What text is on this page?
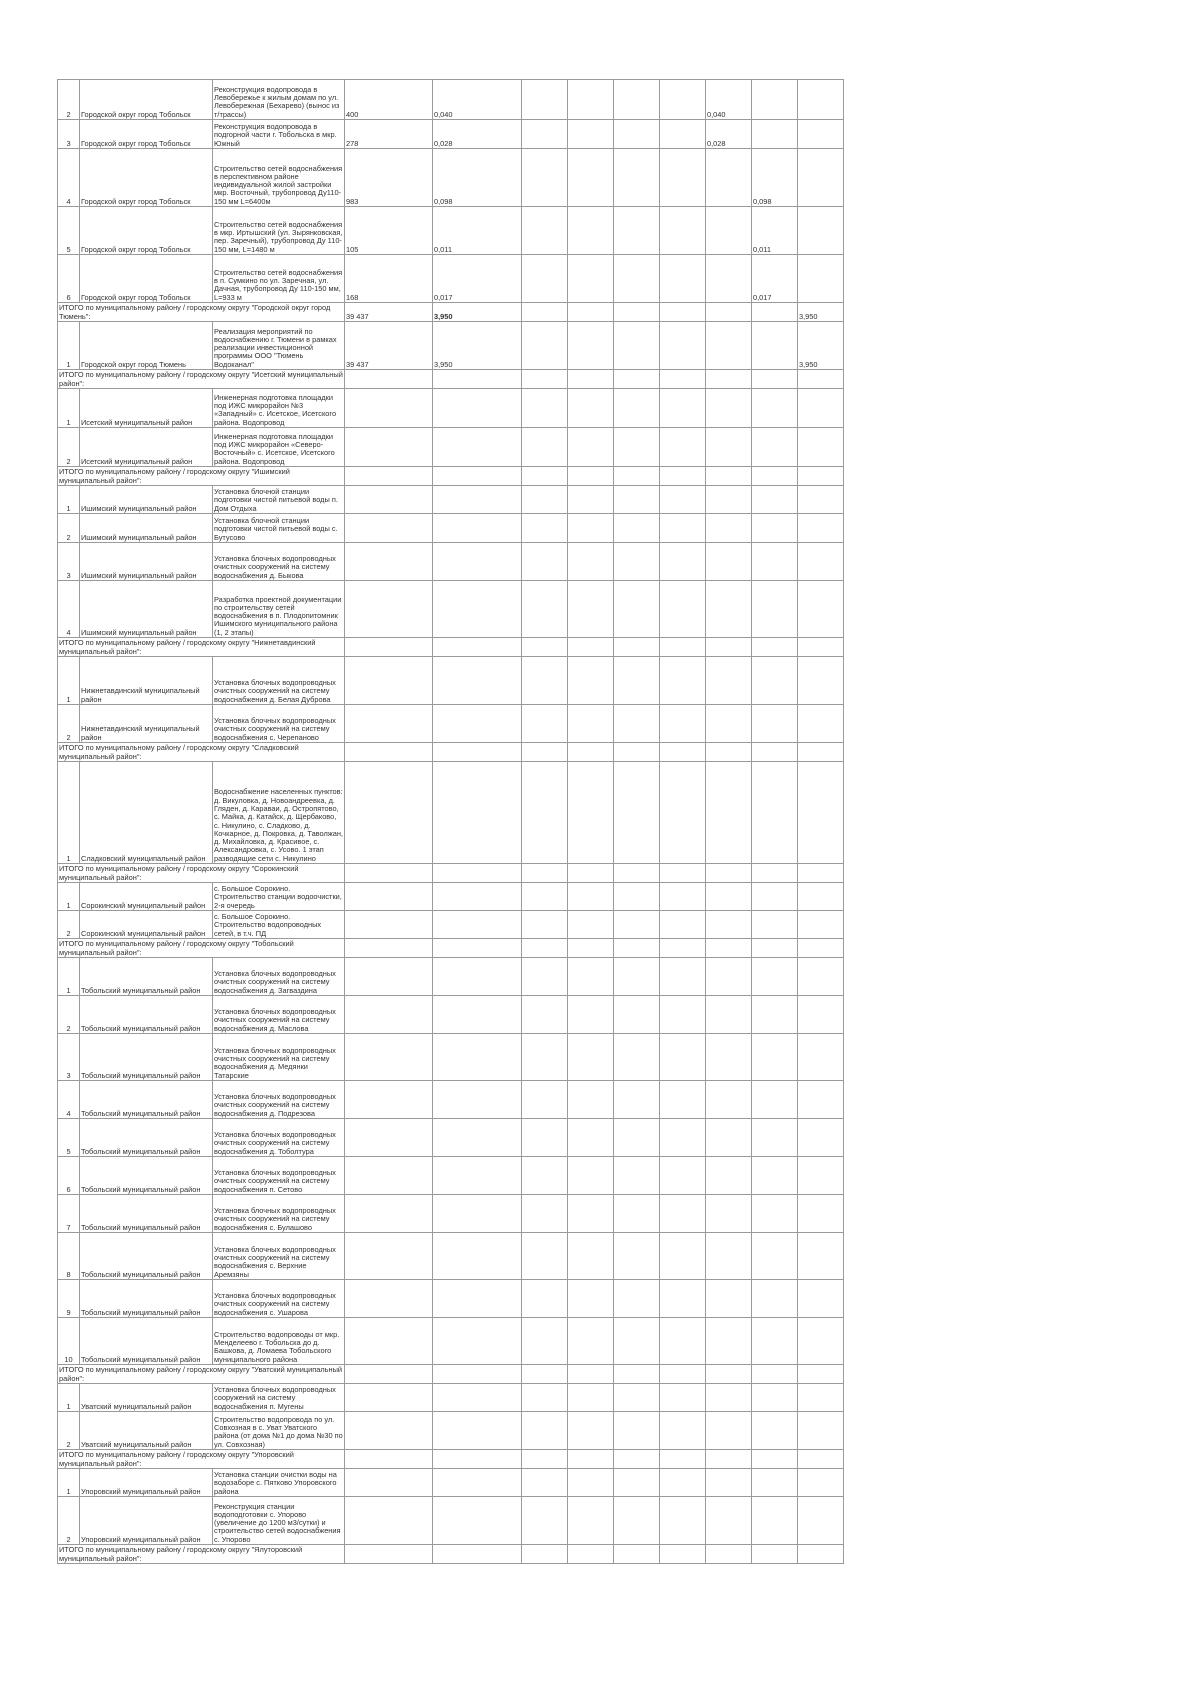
2	Городской округ город Тобольск	Реконструкция водопровода в Левобережье к жилым домам по ул. Левобережная (Бехарево) (вынос из т/трассы)	400	0,040					0,040		
3	Городской округ город Тобольск	Реконструкция водопровода в подгорной части г. Тобольска в мкр. Южный	278	0,028					0,028		
4	Городской округ город Тобольск	Строительство сетей водоснабжения в перспективном районе индивидуальной жилой застройки мкр. Восточный, трубопровод Ду110-150 мм L=6400м	983	0,098						0,098	
5	Городской округ город Тобольск	Строительство сетей водоснабжения в мкр. Иртышский (ул. Зырянковская, пер. Заречный), трубопровод Ду 110-150 мм, L=1480 м	105	0,011						0,011	
6	Городской округ город Тобольск	Строительство сетей водоснабжения в п. Сумкино по ул. Заречная, ул. Дачная, трубопровод Ду 110-150 мм, L=933 м	168	0,017						0,017	
ИТОГО по муниципальному району / городскому округу "Городской округ город Тюмень":			39 437	3,950							3,950
1	Городской округ город Тюмень	Реализация мероприятий по водоснабжению г. Тюмени в рамках реализации инвестиционной программы ООО "Тюмень Водоканал"	39 437	3,950							3,950
ИТОГО по муниципальному району / городскому округу "Исетский муниципальный район":											
1	Исетский муниципальный район	Инженерная подготовка площадки под ИЖС микрорайон №3 «Западный» с. Исетское, Исетского района. Водопровод									
2	Исетский муниципальный район	Инженерная подготовка площадки под ИЖС микрорайон «Северо-Восточный» с. Исетское, Исетского района. Водопровод									
ИТОГО по муниципальному району / городскому округу "Ишимский муниципальный район":											
1	Ишимский муниципальный район	Установка блочной станции подготовки чистой питьевой воды п. Дом Отдыха									
2	Ишимский муниципальный район	Установка блочной станции подготовки чистой питьевой воды с. Бутусово									
3	Ишимский муниципальный район	Установка блочных водопроводных очистных сооружений на систему водоснабжения д. Быкова									
4	Ишимский муниципальный район	Разработка проектной документации по строительству сетей водоснабжения в п. Плодопитомник Ишимского муниципального района (1, 2 этапы)									
ИТОГО по муниципальному району / городскому округу "Нижнетавдинский муниципальный район":											
1	Нижнетавдинский муниципальный район	Установка блочных водопроводных очистных сооружений на систему водоснабжения д. Белая Дуброва									
2	Нижнетавдинский муниципальный район	Установка блочных водопроводных очистных сооружений на систему водоснабжения с. Черепаново									
ИТОГО по муниципальному району / городскому округу "Сладковский муниципальный район":											
1	Сладковский муниципальный район	Водоснабжение населенных пунктов: д. Викуловка, д. Новоандреевка, д. Гляден, д. Караваи, д. Остропятово, с. Майка, д. Катайск, д. Щербаково, с. Никулино, с. Сладково, д. Кочкарное, д. Покровка, д. Таволжан, д. Михайловка, д. Красивое, с. Александровка, с. Усово. 1 этап разводящие сети с. Никулино									
ИТОГО по муниципальному району / городскому округу "Сорокинский муниципальный район":											
1	Сорокинский муниципальный район	с. Большое Сорокино. Строительство станции водоочистки, 2-я очередь									
2	Сорокинский муниципальный район	с. Большое Сорокино. Строительство водопроводных сетей, в т.ч. ПД									
ИТОГО по муниципальному району / городскому округу "Тобольский муниципальный район":											
1	Тобольский муниципальный район	Установка блочных водопроводных очистных сооружений на систему водоснабжения д. Загваздина									
2	Тобольский муниципальный район	Установка блочных водопроводных очистных сооружений на систему водоснабжения д. Маслова									
3	Тобольский муниципальный район	Установка блочных водопроводных очистных сооружений на систему водоснабжения д. Медянки Татарские									
4	Тобольский муниципальный район	Установка блочных водопроводных очистных сооружений на систему водоснабжения д. Подрезова									
5	Тобольский муниципальный район	Установка блочных водопроводных очистных сооружений на систему водоснабжения д. Тоболтура									
6	Тобольский муниципальный район	Установка блочных водопроводных очистных сооружений на систему водоснабжения п. Сетово									
7	Тобольский муниципальный район	Установка блочных водопроводных очистных сооружений на систему водоснабжения с. Булашово									
8	Тобольский муниципальный район	Установка блочных водопроводных очистных сооружений на систему водоснабжения с. Верхние Аремзяны									
9	Тобольский муниципальный район	Установка блочных водопроводных очистных сооружений на систему водоснабжения с. Ушарова									
10	Тобольский муниципальный район	Строительство водопроводы от мкр. Менделеево г. Тобольска до д. Башкова, д. Ломаева Тобольского муниципального района									
ИТОГО по муниципальному району / городскому округу "Уватский муниципальный район":											
1	Уватский муниципальный район	Установка блочных водопроводных сооружений на систему водоснабжения п. Мугены									
2	Уватский муниципальный район	Строительство водопровода по ул. Совхозная в с. Уват Уватского района (от дома №1 до дома №30 по ул. Совхозная)									
ИТОГО по муниципальному району / городскому округу "Упоровский муниципальный район":											
1	Упоровский муниципальный район	Установка станции очистки воды на водозаборе с. Пятково Упоровского района									
2	Упоровский муниципальный район	Реконструкция станции водоподготовки с. Упорово (увеличение до 1200 м3/сутки) и строительство сетей водоснабжения с. Упорово									
ИТОГО по муниципальному району / городскому округу "Ялуторовский муниципальный район":											
